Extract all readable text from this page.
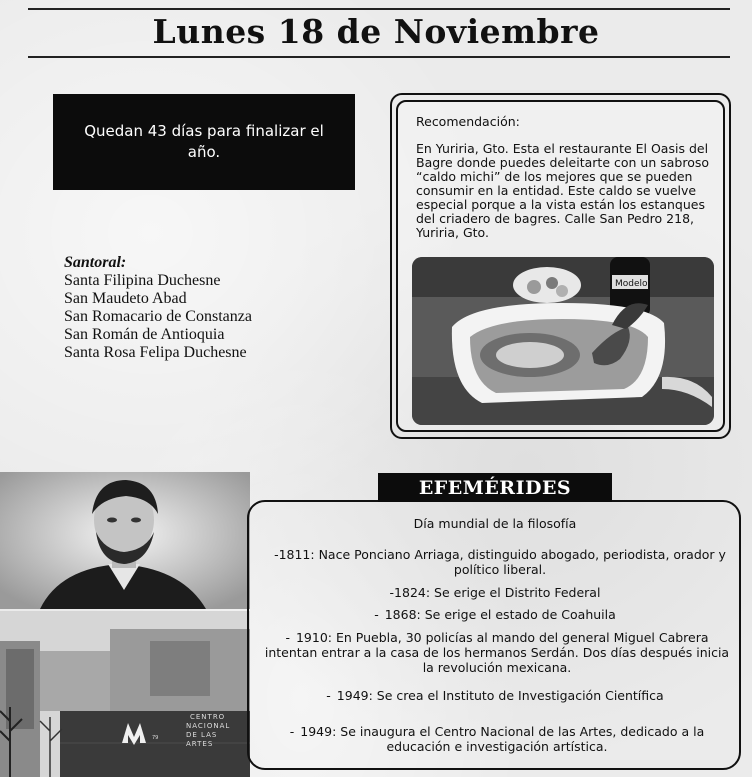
Lunes 18 de Noviembre
Quedan 43 días para finalizar el año.
Santoral:
Santa Filipina Duchesne
San Maudeto Abad
San Romacario de Constanza
San Román de Antioquia
Santa Rosa Felipa Duchesne
Recomendación:
En Yuriria, Gto. Esta el restaurante El Oasis del Bagre donde puedes deleitarte con un sabroso “caldo michi” de los mejores que se pueden consumir en la entidad. Este caldo se vuelve especial porque a la vista están los estanques del criadero de bagres. Calle San Pedro 218, Yuriria, Gto.
Modelo
79
CENTRO
NACIONAL
DE LAS
ARTES
EFEMÉRIDES
Día mundial de la filosofía
-1811: Nace Ponciano Arriaga, distinguido abogado, periodista, orador y político liberal.
-1824: Se erige el Distrito Federal
- 1868: Se erige el estado de Coahuila
- 1910: En Puebla, 30 policías al mando del general Miguel Cabrera intentan entrar a la casa de los hermanos Serdán. Dos días después inicia la revolución mexicana.
- 1949: Se crea el Instituto de Investigación Científica
- 1949: Se inaugura el Centro Nacional de las Artes, dedicado a la educación e investigación artística.
